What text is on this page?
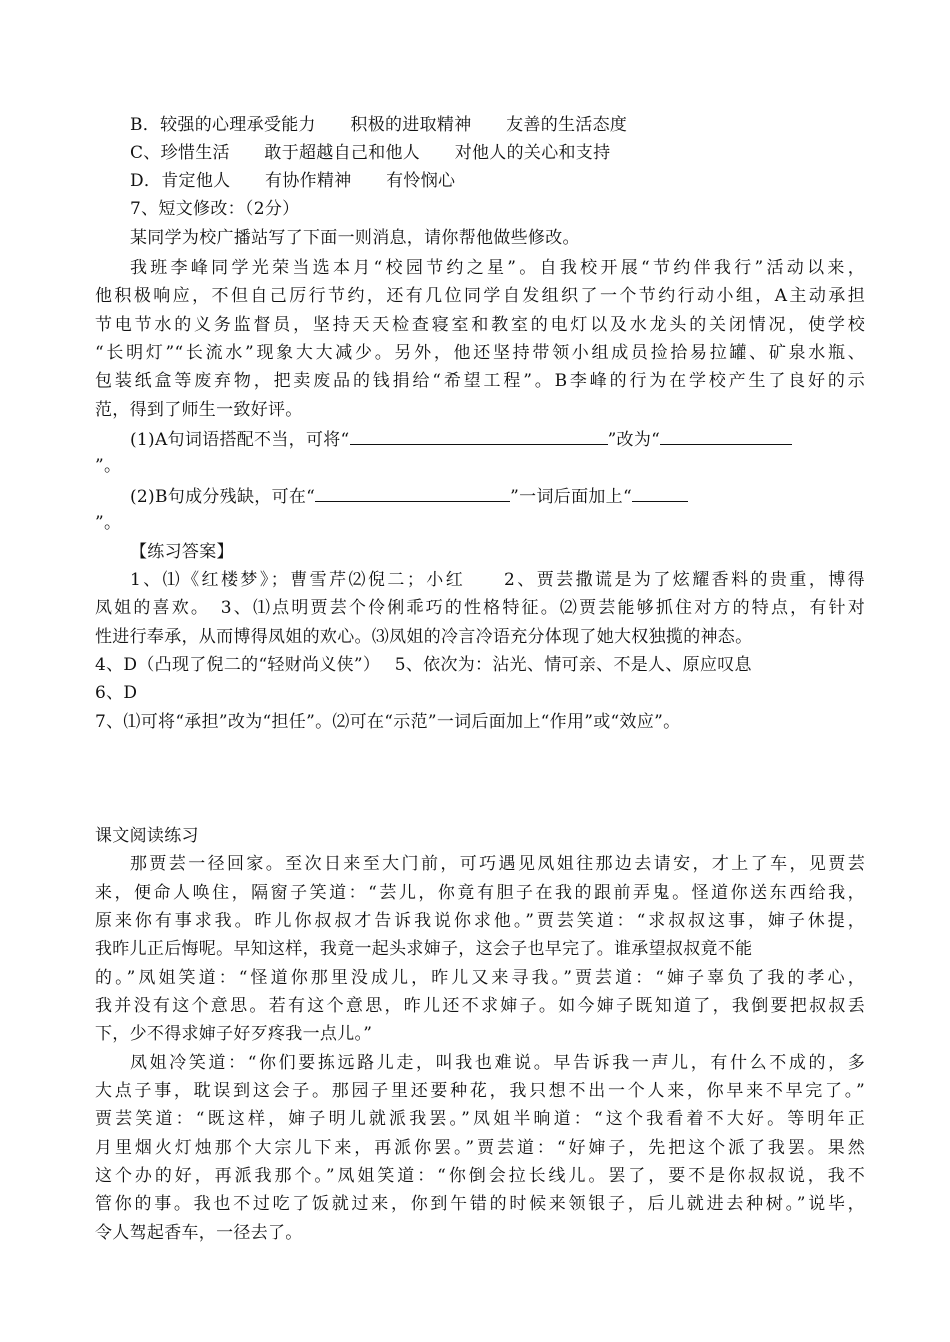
B．较强的心理承受能力　　积极的进取精神　　友善的生活态度
C、珍惜生活　　敢于超越自己和他人　　对他人的关心和支持
D．肯定他人　　有协作精神　　有怜悯心
7、短文修改：（2分）
某同学为校广播站写了下面一则消息，请你帮他做些修改。
我班李峰同学光荣当选本月“校园节约之星”。自我校开展“节约伴我行”活动以来，
他积极响应，不但自己厉行节约，还有几位同学自发组织了一个节约行动小组，A主动承担
节电节水的义务监督员，坚持天天检查寝室和教室的电灯以及水龙头的关闭情况，使学校
“长明灯”“长流水”现象大大减少。另外，他还坚持带领小组成员捡拾易拉罐、矿泉水瓶、
包装纸盒等废弃物，把卖废品的钱捐给“希望工程”。B李峰的行为在学校产生了良好的示
范，得到了师生一致好评。
(1)A句词语搭配不当，可将“	”改为“
”。
(2)B句成分残缺，可在“	”一词后面加上“
”。
【练习答案】
1、⑴《红楼梦》；曹雪芹⑵倪二；小红　　2、贾芸撒谎是为了炫耀香料的贵重，博得
凤姐的喜欢。　3、⑴点明贾芸个伶俐乖巧的性格特征。⑵贾芸能够抓住对方的特点，有针对
性进行奉承，从而博得凤姐的欢心。⑶凤姐的冷言冷语充分体现了她大权独揽的神态。
4、D（凸现了倪二的“轻财尚义侠”）　 5、依次为：沾光、情可亲、不是人、原应叹息
6、D
7、⑴可将“承担”改为“担任”。⑵可在“示范”一词后面加上“作用”或“效应”。
课文阅读练习
那贾芸一径回家。至次日来至大门前，可巧遇见凤姐往那边去请安，才上了车，见贾芸
来，便命人唤住，隔窗子笑道：“芸儿，你竟有胆子在我的跟前弄鬼。怪道你送东西给我，
原来你有事求我。昨儿你叔叔才告诉我说你求他。”贾芸笑道：“求叔叔这事，婶子休提，
我昨儿正后悔呢。早知这样，我竟一起头求婶子，这会子也早完了。谁承望叔叔竟不能
的。”凤姐笑道：“怪道你那里没成儿，昨儿又来寻我。”贾芸道：“婶子辜负了我的孝心，
我并没有这个意思。若有这个意思，昨儿还不求婶子。如今婶子既知道了，我倒要把叔叔丢
下，少不得求婶子好歹疼我一点儿。”
凤姐冷笑道：“你们要拣远路儿走，叫我也难说。早告诉我一声儿，有什么不成的，多
大点子事，耽误到这会子。那园子里还要种花，我只想不出一个人来，你早来不早完了。”
贾芸笑道：“既这样，婶子明儿就派我罢。”凤姐半晌道：“这个我看着不大好。等明年正
月里烟火灯烛那个大宗儿下来，再派你罢。”贾芸道：“好婶子，先把这个派了我罢。果然
这个办的好，再派我那个。”凤姐笑道：“你倒会拉长线儿。罢了，要不是你叔叔说，我不
管你的事。我也不过吃了饭就过来，你到午错的时候来领银子，后儿就进去种树。”说毕，
令人驾起香车，一径去了。
